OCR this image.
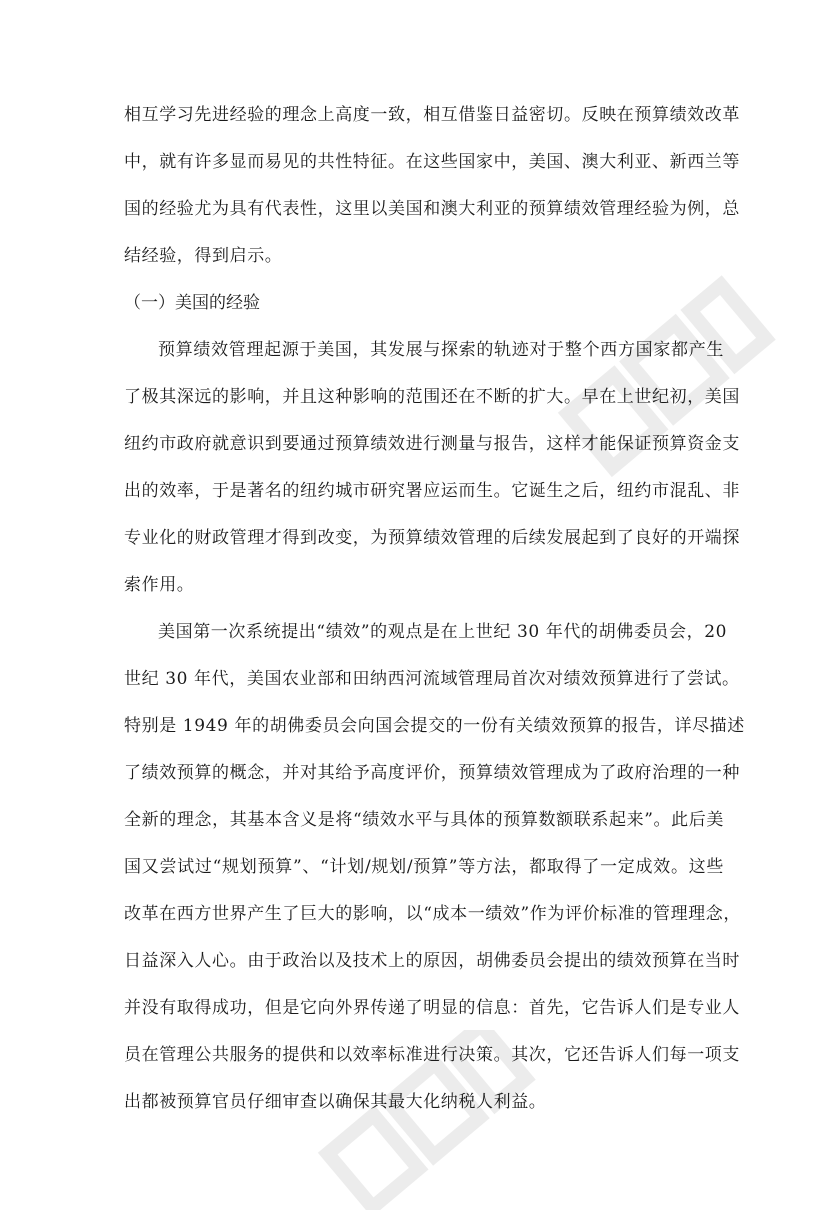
相互学习先进经验的理念上高度一致，相互借鉴日益密切。反映在预算绩效改革
中，就有许多显而易见的共性特征。在这些国家中，美国、澳大利亚、新西兰等
国的经验尤为具有代表性，这里以美国和澳大利亚的预算绩效管理经验为例，总
结经验，得到启示。
（一）美国的经验
预算绩效管理起源于美国，其发展与探索的轨迹对于整个西方国家都产生
了极其深远的影响，并且这种影响的范围还在不断的扩大。早在上世纪初，美国
纽约市政府就意识到要通过预算绩效进行测量与报告，这样才能保证预算资金支
出的效率，于是著名的纽约城市研究署应运而生。它诞生之后，纽约市混乱、非
专业化的财政管理才得到改变，为预算绩效管理的后续发展起到了良好的开端探
索作用。
美国第一次系统提出“绩效”的观点是在上世纪 30 年代的胡佛委员会，20
世纪 30 年代，美国农业部和田纳西河流域管理局首次对绩效预算进行了尝试。
特别是 1949 年的胡佛委员会向国会提交的一份有关绩效预算的报告，详尽描述
了绩效预算的概念，并对其给予高度评价，预算绩效管理成为了政府治理的一种
全新的理念，其基本含义是将“绩效水平与具体的预算数额联系起来”。此后美
国又尝试过“规划预算”、“计划/规划/预算”等方法，都取得了一定成效。这些
改革在西方世界产生了巨大的影响，以“成本一绩效”作为评价标准的管理理念，
日益深入人心。由于政治以及技术上的原因，胡佛委员会提出的绩效预算在当时
并没有取得成功，但是它向外界传递了明显的信息：首先，它告诉人们是专业人
员在管理公共服务的提供和以效率标准进行决策。其次，它还告诉人们每一项支
出都被预算官员仔细审查以确保其最大化纳税人利益。
